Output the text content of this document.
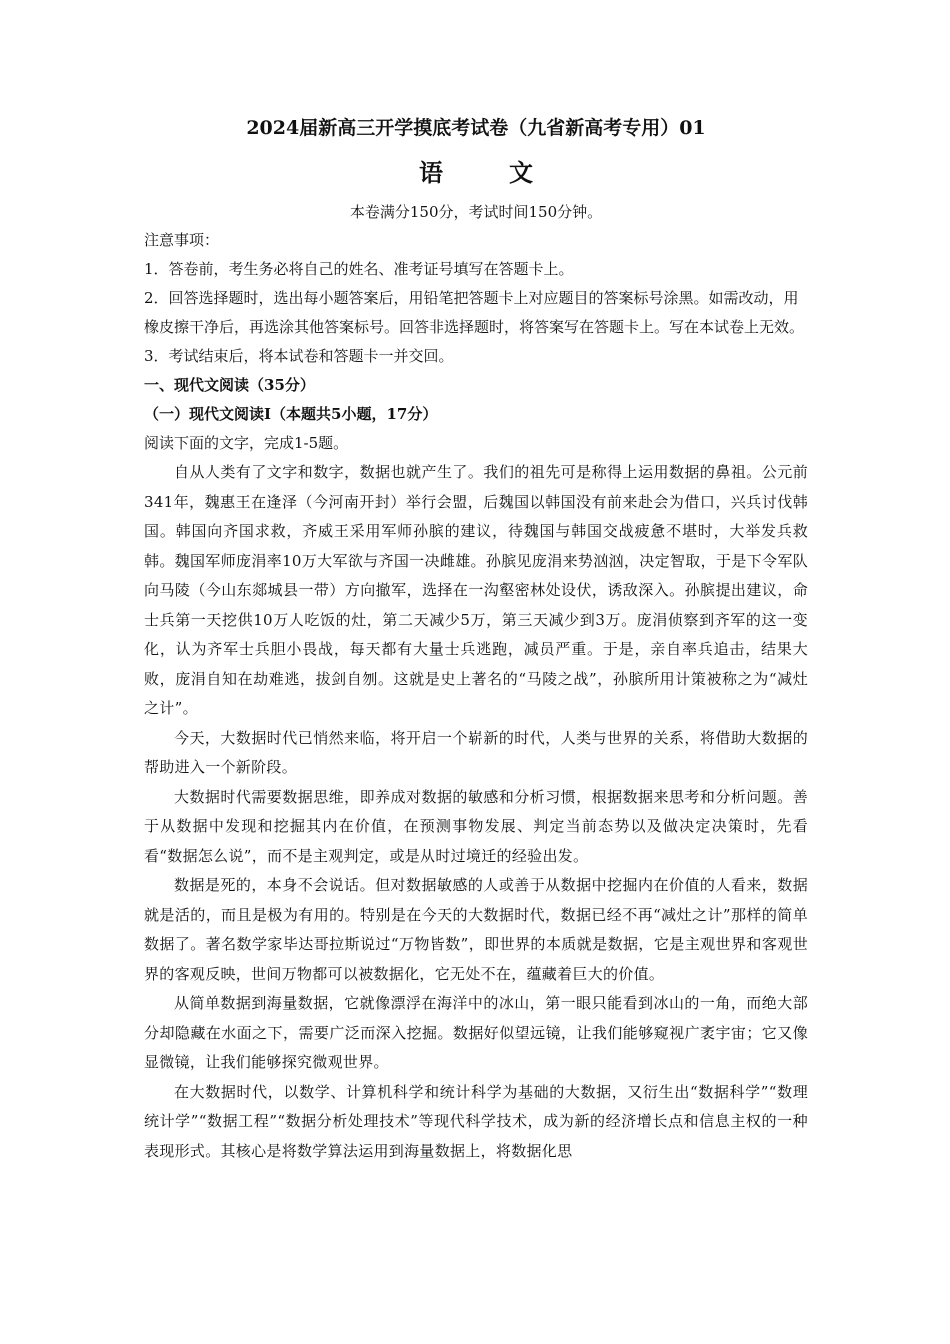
2024届新高三开学摸底考试卷（九省新高考专用）01

语文

本卷满分150分，考试时间150分钟。

注意事项：

1．答卷前，考生务必将自己的姓名、准考证号填写在答题卡上。

2．回答选择题时，选出每小题答案后，用铅笔把答题卡上对应题目的答案标号涂黑。如需改动，用橡皮擦干净后，再选涂其他答案标号。回答非选择题时，将答案写在答题卡上。写在本试卷上无效。

3．考试结束后，将本试卷和答题卡一并交回。

一、现代文阅读（35分）

（一）现代文阅读Ⅰ（本题共5小题，17分）

阅读下面的文字，完成1-5题。

自从人类有了文字和数字，数据也就产生了。我们的祖先可是称得上运用数据的鼻祖。公元前341年，魏惠王在逢泽（今河南开封）举行会盟，后魏国以韩国没有前来赴会为借口，兴兵讨伐韩国。韩国向齐国求救，齐威王采用军师孙膑的建议，待魏国与韩国交战疲惫不堪时，大举发兵救韩。魏国军师庞涓率10万大军欲与齐国一决雌雄。孙膑见庞涓来势汹汹，决定智取，于是下令军队向马陵（今山东郯城县一带）方向撤军，选择在一沟壑密林处设伏，诱敌深入。孙膑提出建议，命士兵第一天挖供10万人吃饭的灶，第二天减少5万，第三天减少到3万。庞涓侦察到齐军的这一变化，认为齐军士兵胆小畏战，每天都有大量士兵逃跑，减员严重。于是，亲自率兵追击，结果大败，庞涓自知在劫难逃，拔剑自刎。这就是史上著名的“马陵之战”，孙膑所用计策被称之为“减灶之计”。

今天，大数据时代已悄然来临，将开启一个崭新的时代，人类与世界的关系，将借助大数据的帮助进入一个新阶段。

大数据时代需要数据思维，即养成对数据的敏感和分析习惯，根据数据来思考和分析问题。善于从数据中发现和挖掘其内在价值，在预测事物发展、判定当前态势以及做决定决策时，先看看“数据怎么说”，而不是主观判定，或是从时过境迁的经验出发。

数据是死的，本身不会说话。但对数据敏感的人或善于从数据中挖掘内在价值的人看来，数据就是活的，而且是极为有用的。特别是在今天的大数据时代，数据已经不再“减灶之计”那样的简单数据了。著名数学家毕达哥拉斯说过“万物皆数”，即世界的本质就是数据，它是主观世界和客观世界的客观反映，世间万物都可以被数据化，它无处不在，蕴藏着巨大的价值。

从简单数据到海量数据，它就像漂浮在海洋中的冰山，第一眼只能看到冰山的一角，而绝大部分却隐藏在水面之下，需要广泛而深入挖掘。数据好似望远镜，让我们能够窥视广袤宇宙；它又像显微镜，让我们能够探究微观世界。

在大数据时代，以数学、计算机科学和统计科学为基础的大数据，又衍生出“数据科学”“数理统计学”“数据工程”“数据分析处理技术”等现代科学技术，成为新的经济增长点和信息主权的一种表现形式。其核心是将数学算法运用到海量数据上，将数据化思
